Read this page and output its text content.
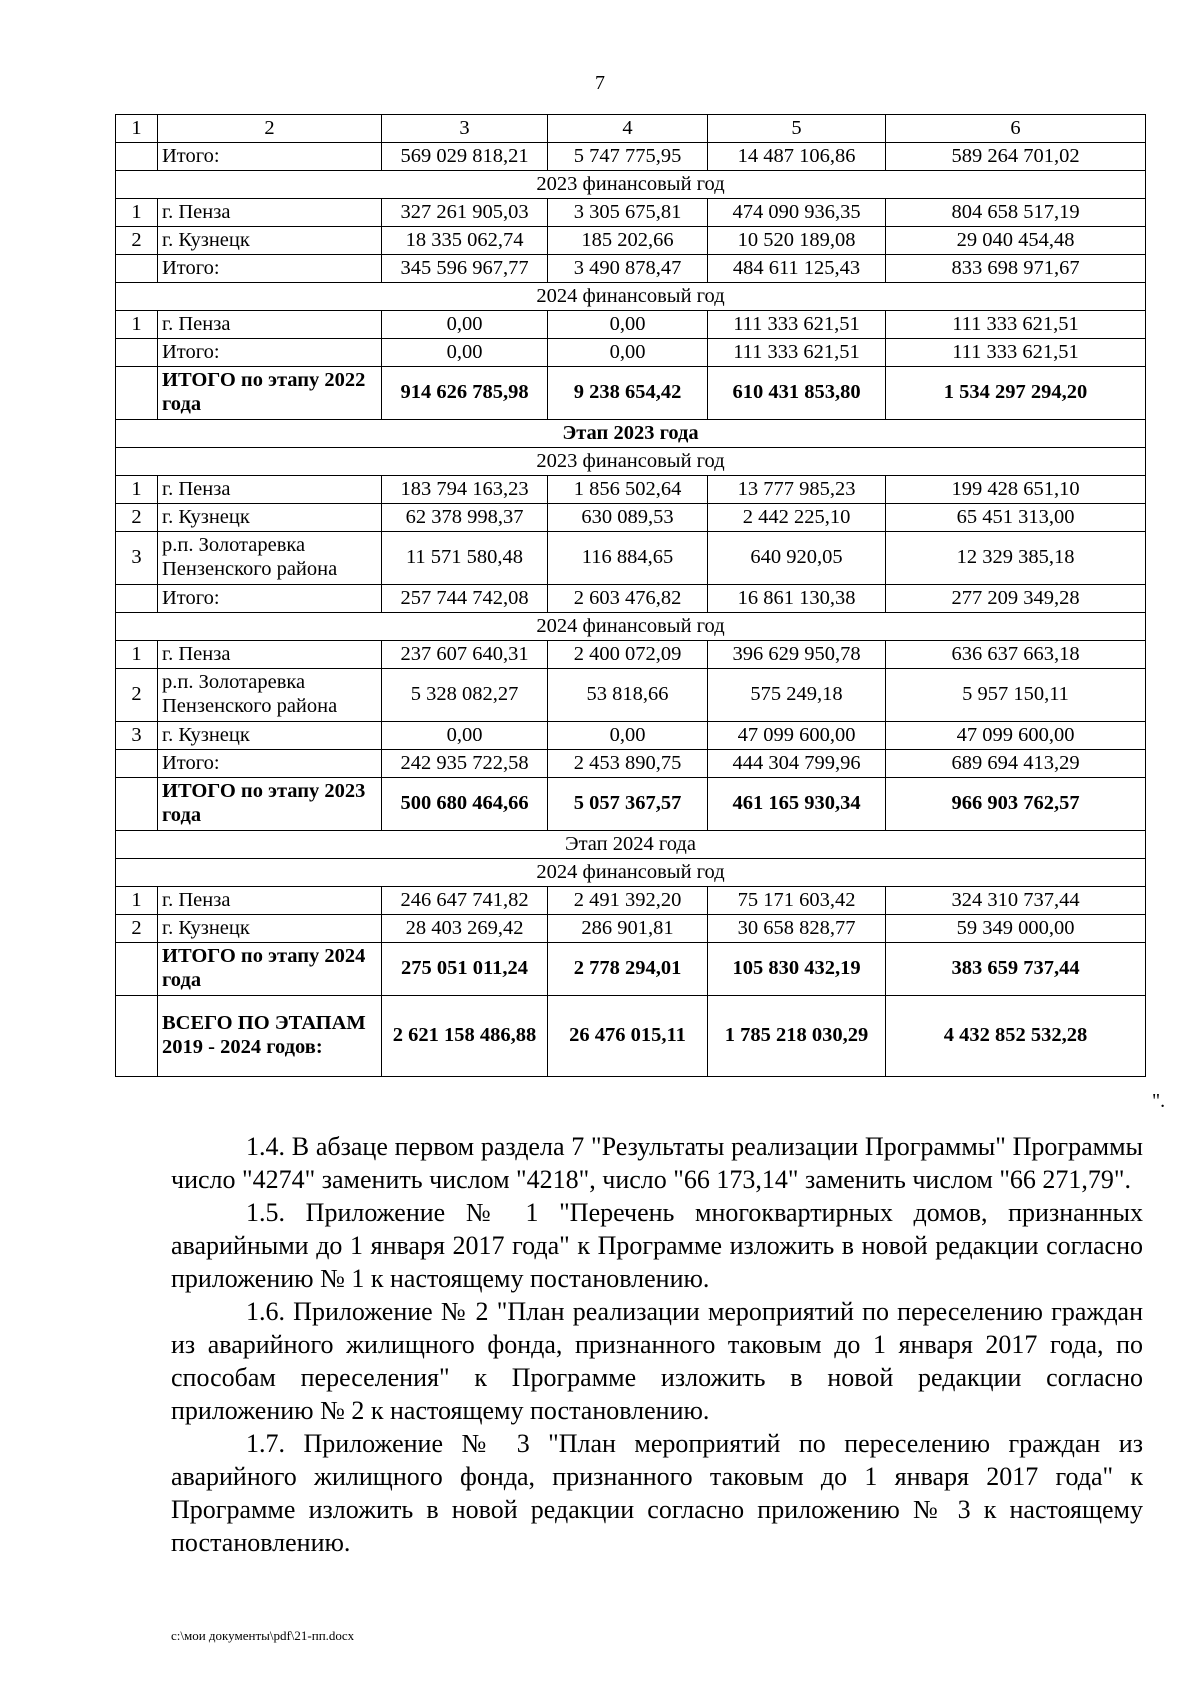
7
1	2	3	4	5	6
	Итого:	569 029 818,21	5 747 775,95	14 487 106,86	589 264 701,02
2023 финансовый год					
1	г. Пенза	327 261 905,03	3 305 675,81	474 090 936,35	804 658 517,19
2	г. Кузнецк	18 335 062,74	185 202,66	10 520 189,08	29 040 454,48
	Итого:	345 596 967,77	3 490 878,47	484 611 125,43	833 698 971,67
2024 финансовый год					
1	г. Пенза	0,00	0,00	111 333 621,51	111 333 621,51
	Итого:	0,00	0,00	111 333 621,51	111 333 621,51
	ИТОГО по этапу 2022 года	914 626 785,98	9 238 654,42	610 431 853,80	1 534 297 294,20
Этап 2023 года					
2023 финансовый год					
1	г. Пенза	183 794 163,23	1 856 502,64	13 777 985,23	199 428 651,10
2	г. Кузнецк	62 378 998,37	630 089,53	2 442 225,10	65 451 313,00
3	р.п. Золотаревка Пензенского района	11 571 580,48	116 884,65	640 920,05	12 329 385,18
	Итого:	257 744 742,08	2 603 476,82	16 861 130,38	277 209 349,28
2024 финансовый год					
1	г. Пенза	237 607 640,31	2 400 072,09	396 629 950,78	636 637 663,18
2	р.п. Золотаревка Пензенского района	5 328 082,27	53 818,66	575 249,18	5 957 150,11
3	г. Кузнецк	0,00	0,00	47 099 600,00	47 099 600,00
	Итого:	242 935 722,58	2 453 890,75	444 304 799,96	689 694 413,29
	ИТОГО по этапу 2023 года	500 680 464,66	5 057 367,57	461 165 930,34	966 903 762,57
Этап 2024 года					
2024 финансовый год					
1	г. Пенза	246 647 741,82	2 491 392,20	75 171 603,42	324 310 737,44
2	г. Кузнецк	28 403 269,42	286 901,81	30 658 828,77	59 349 000,00
	ИТОГО по этапу 2024 года	275 051 011,24	2 778 294,01	105 830 432,19	383 659 737,44
	ВСЕГО ПО ЭТАПАМ 2019 - 2024 годов:	2 621 158 486,88	26 476 015,11	1 785 218 030,29	4 432 852 532,28
".

1.4. В абзаце первом раздела 7 "Результаты реализации Программы" Программы число "4274" заменить числом "4218", число "66 173,14" заменить числом "66 271,79".

1.5. Приложение № 1 "Перечень многоквартирных домов, признанных аварийными до 1 января 2017 года" к Программе изложить в новой редакции согласно приложению № 1 к настоящему постановлению.

1.6. Приложение № 2 "План реализации мероприятий по переселению граждан из аварийного жилищного фонда, признанного таковым до 1 января 2017 года, по способам переселения" к Программе изложить в новой редакции согласно приложению № 2 к настоящему постановлению.

1.7. Приложение № 3 "План мероприятий по переселению граждан из аварийного жилищного фонда, признанного таковым до 1 января 2017 года" к Программе изложить в новой редакции согласно приложению № 3 к настоящему постановлению.

c:\мои документы\pdf\21-пп.docx
